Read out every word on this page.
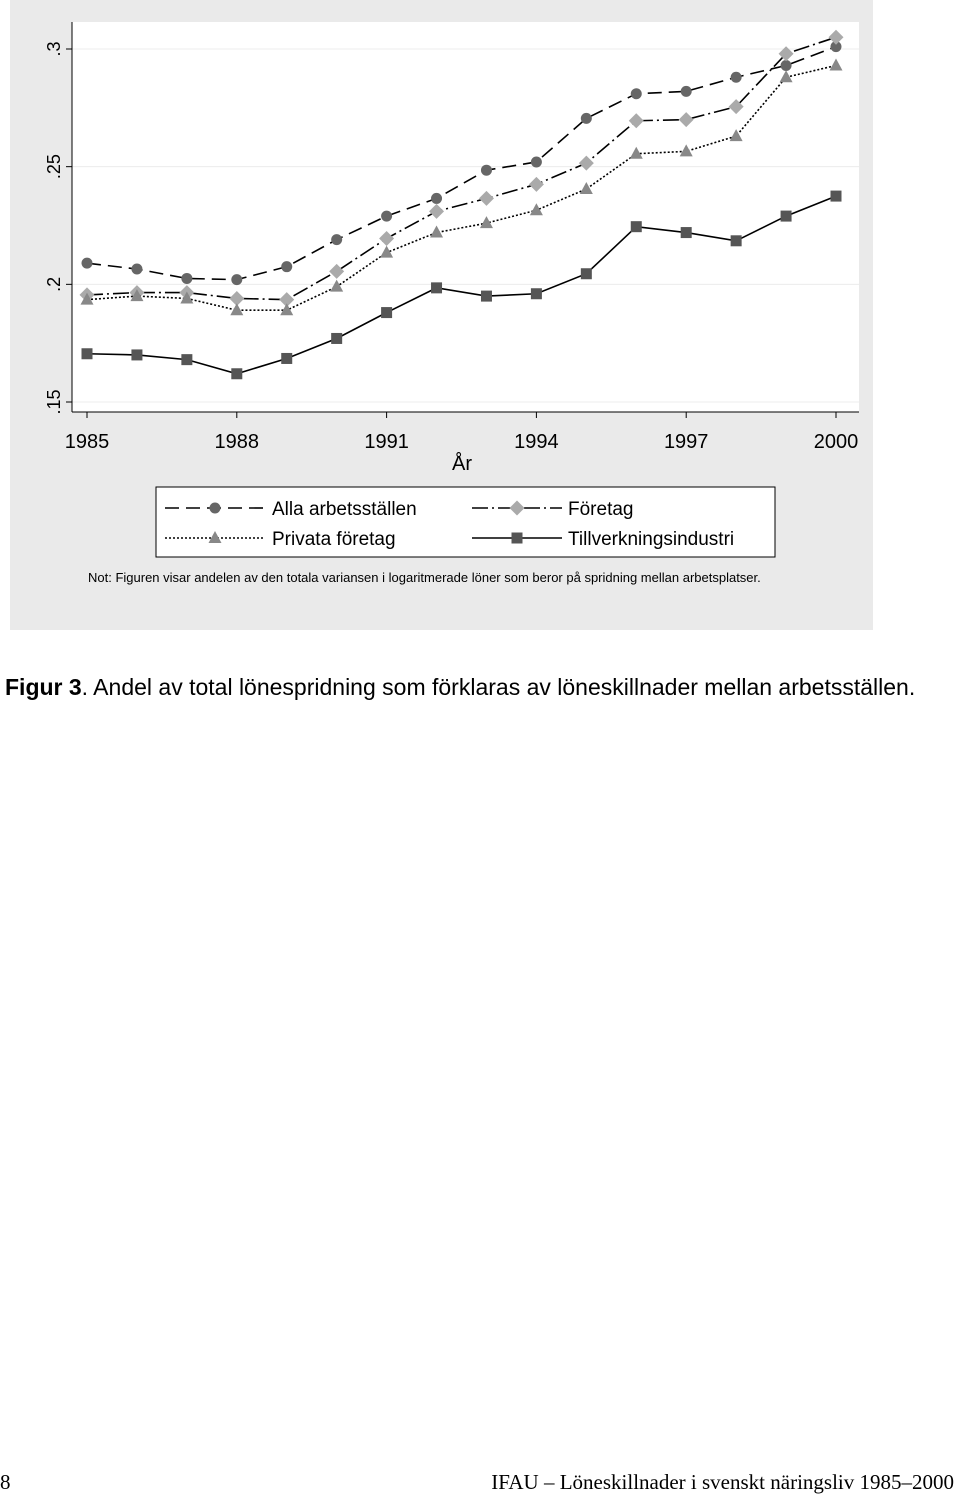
.15
.2
.25
.3
1985	1988	1991	1994	1997	2000
År
Alla arbetsställen	Företag
Privata företag	Tillverkningsindustri
Not: Figuren visar andelen av den totala variansen i logaritmerade löner som beror på spridning mellan arbetsplatser.
Figur 3. Andel av total lönespridning som förklaras av löneskillnader mellan arbetsställen.
8	IFAU – Löneskillnader i svenskt näringsliv 1985–2000
